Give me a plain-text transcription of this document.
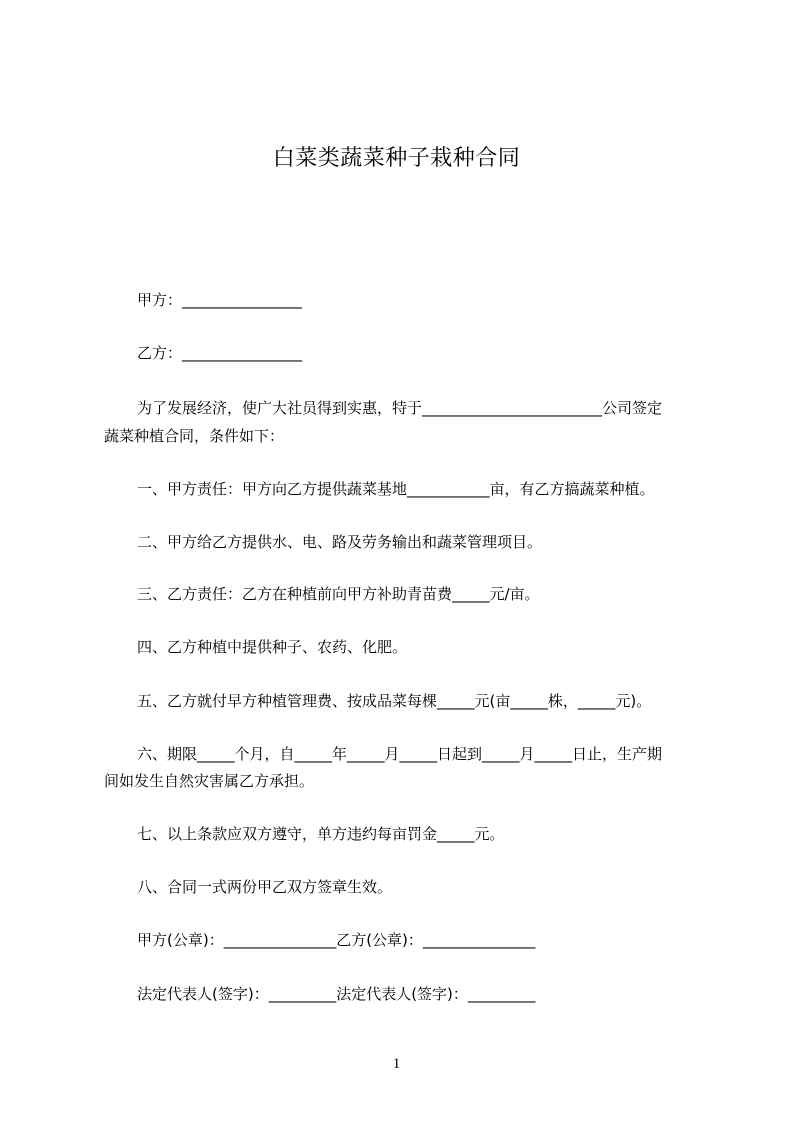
白菜类蔬菜种子栽种合同
甲方：________________
乙方：________________
为了发展经济，使广大社员得到实惠，特于________________________公司签定
蔬菜种植合同，条件如下：
一、甲方责任：甲方向乙方提供蔬菜基地___________亩，有乙方搞蔬菜种植。
二、甲方给乙方提供水、电、路及劳务输出和蔬菜管理项目。
三、乙方责任：乙方在种植前向甲方补助青苗费_____元/亩。
四、乙方种植中提供种子、农药、化肥。
五、乙方就付早方种植管理费、按成品菜每棵_____元(亩_____株，_____元)。
六、期限_____个月，自_____年_____月_____日起到_____月_____日止，生产期
间如发生自然灾害属乙方承担。
七、以上条款应双方遵守，单方违约每亩罚金_____元。
八、合同一式两份甲乙双方签章生效。
甲方(公章)：_______________乙方(公章)：_______________
法定代表人(签字)：_________法定代表人(签字)：_________
1
